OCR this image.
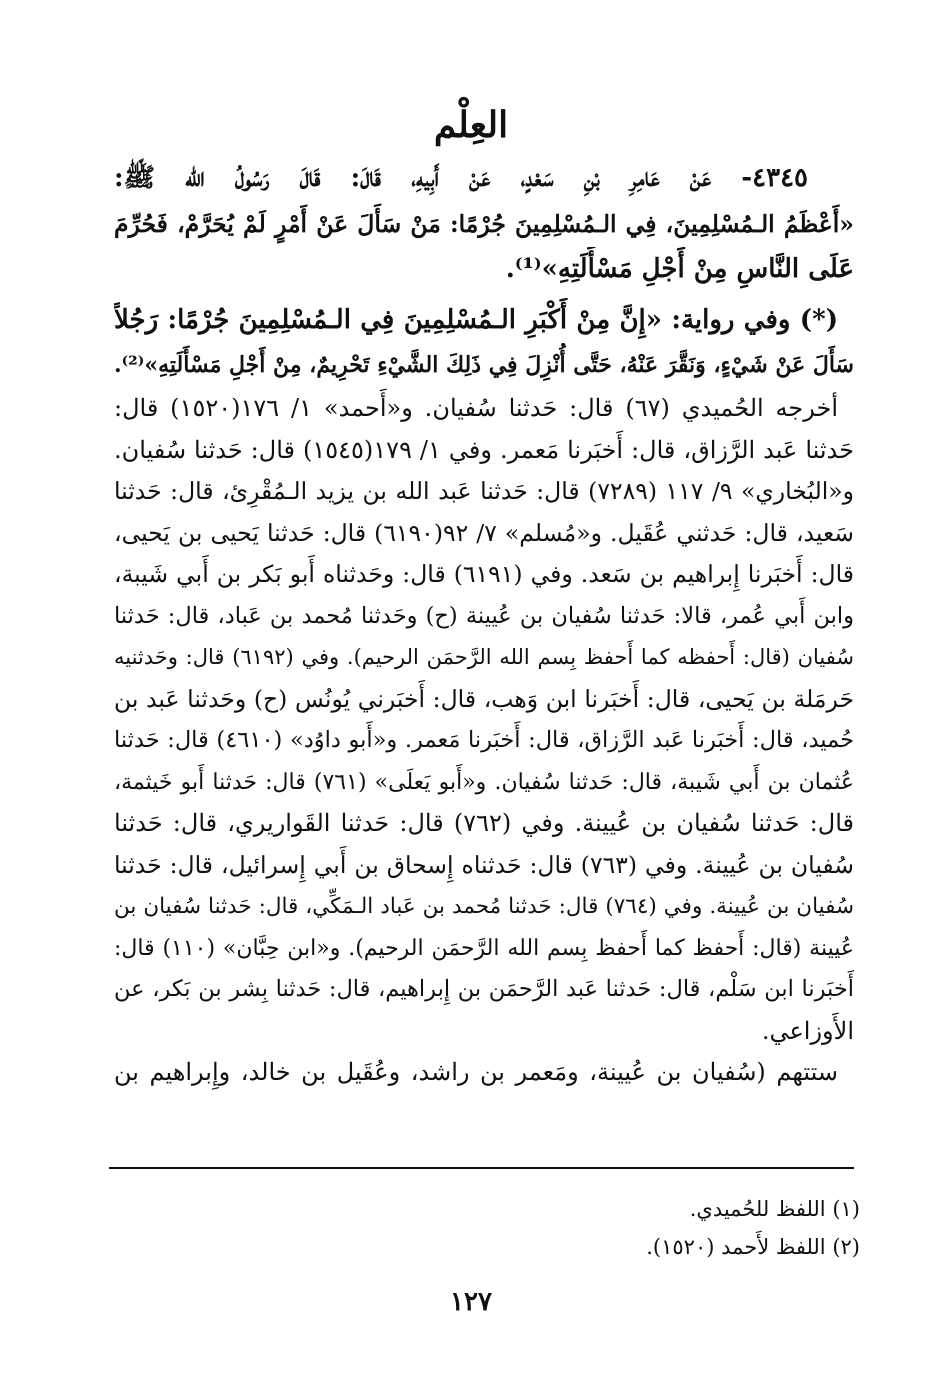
العِلْم
٤٣٤٥- عَنْ عَامِرِ بْنِ سَعْدٍ، عَنْ أَبِيهِ، قَالَ: قَالَ رَسُولُ الله ﷺ:
«أَعْظَمُ الـمُسْلِمِينَ، فِي الـمُسْلِمِينَ جُرْمًا: مَنْ سَأَلَ عَنْ أَمْرٍ لَمْ يُحَرَّمْ، فَحُرِّمَ
عَلَى النَّاسِ مِنْ أَجْلِ مَسْأَلَتِهِ»⁽¹⁾.
(*) وفي رواية: «إِنَّ مِنْ أَكْبَرِ الـمُسْلِمِينَ فِي الـمُسْلِمِينَ جُرْمًا: رَجُلاً
سَأَلَ عَنْ شَيْءٍ، وَنَقَّرَ عَنْهُ، حَتَّى أُنْزِلَ فِي ذَلِكَ الشَّيْءِ تَحْرِيمٌ، مِنْ أَجْلِ مَسْأَلَتِهِ»⁽²⁾.
أخرجه الحُميدي (٦٧) قال: حَدثنا سُفيان. و«أَحمد» ١/ ١٧٦(١٥٢٠) قال:
حَدثنا عَبد الرَّزاق، قال: أَخبَرنا مَعمر. وفي ١/ ١٧٩(١٥٤٥) قال: حَدثنا سُفيان.
و«البُخاري» ٩/ ١١٧ (٧٢٨٩) قال: حَدثنا عَبد الله بن يزيد الـمُقْرِئ، قال: حَدثنا
سَعيد، قال: حَدثني عُقَيل. و«مُسلم» ٧/ ٩٢(٦١٩٠) قال: حَدثنا يَحيى بن يَحيى،
قال: أَخبَرنا إِبراهيم بن سَعد. وفي (٦١٩١) قال: وحَدثناه أَبو بَكر بن أَبي شَيبة،
وابن أَبي عُمر، قالا: حَدثنا سُفيان بن عُيينة (ح) وحَدثنا مُحمد بن عَباد، قال: حَدثنا
سُفيان (قال: أَحفظه كما أَحفظ بِسم الله الرَّحمَن الرحيم). وفي (٦١٩٢) قال: وحَدثنيه
حَرمَلة بن يَحيى، قال: أَخبَرنا ابن وَهب، قال: أَخبَرني يُونُس (ح) وحَدثنا عَبد بن
حُميد، قال: أَخبَرنا عَبد الرَّزاق، قال: أَخبَرنا مَعمر. و«أَبو داوُد» (٤٦١٠) قال: حَدثنا
عُثمان بن أَبي شَيبة، قال: حَدثنا سُفيان. و«أَبو يَعلَى» (٧٦١) قال: حَدثنا أَبو خَيثمة،
قال: حَدثنا سُفيان بن عُيينة. وفي (٧٦٢) قال: حَدثنا القَواريري، قال: حَدثنا
سُفيان بن عُيينة. وفي (٧٦٣) قال: حَدثناه إِسحاق بن أَبي إِسرائيل، قال: حَدثنا
سُفيان بن عُيينة. وفي (٧٦٤) قال: حَدثنا مُحمد بن عَباد الـمَكِّي، قال: حَدثنا سُفيان بن
عُيينة (قال: أَحفظ كما أَحفظ بِسم الله الرَّحمَن الرحيم). و«ابن حِبَّان» (١١٠) قال:
أَخبَرنا ابن سَلْم، قال: حَدثنا عَبد الرَّحمَن بن إِبراهيم، قال: حَدثنا بِشر بن بَكر، عن
الأَوزاعي.
ستتهم (سُفيان بن عُيينة، ومَعمر بن راشد، وعُقَيل بن خالد، وإِبراهيم بن
(١) اللفظ للحُميدي.
(٢) اللفظ لأَحمد (١٥٢٠).
١٢٧
